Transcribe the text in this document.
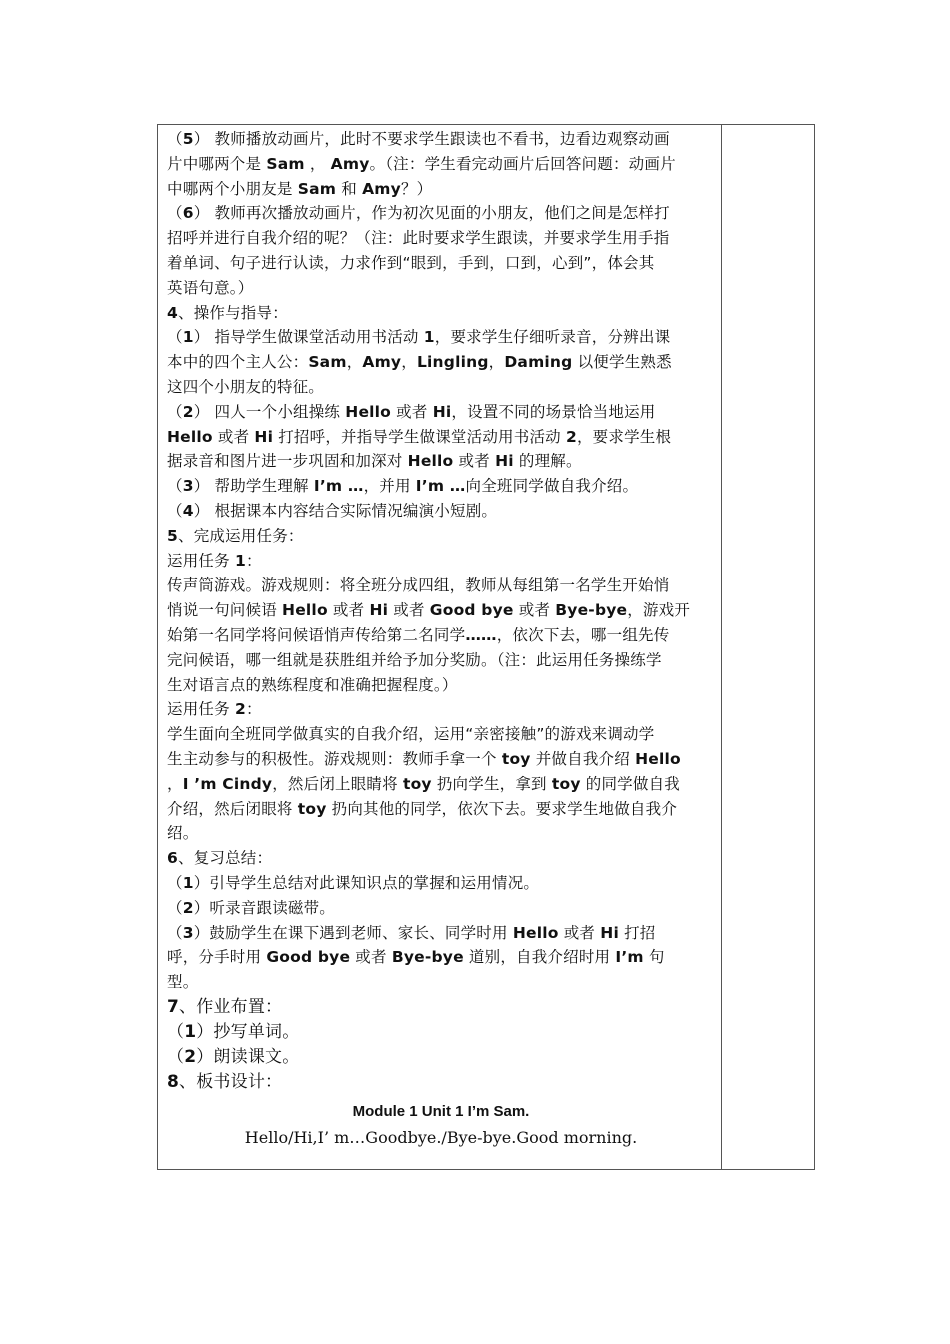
（5） 教师播放动画片，此时不要求学生跟读也不看书，边看边观察动画
片中哪两个是 Sam ， Amy。（注：学生看完动画片后回答问题：动画片
中哪两个小朋友是 Sam 和 Amy？）
（6） 教师再次播放动画片，作为初次见面的小朋友，他们之间是怎样打
招呼并进行自我介绍的呢？（注：此时要求学生跟读，并要求学生用手指
着单词、句子进行认读，力求作到“眼到，手到，口到，心到”，体会其
英语句意。）
4、操作与指导：
（1） 指导学生做课堂活动用书活动 1，要求学生仔细听录音，分辨出课
本中的四个主人公：Sam，Amy，Lingling，Daming 以便学生熟悉
这四个小朋友的特征。
（2） 四人一个小组操练 Hello 或者 Hi，设置不同的场景恰当地运用
Hello 或者 Hi 打招呼，并指导学生做课堂活动用书活动 2，要求学生根
据录音和图片进一步巩固和加深对 Hello 或者 Hi 的理解。
（3） 帮助学生理解 I’m …，并用 I’m …向全班同学做自我介绍。
（4） 根据课本内容结合实际情况编演小短剧。
5、完成运用任务：
运用任务 1：
传声筒游戏。游戏规则：将全班分成四组，教师从每组第一名学生开始悄
悄说一句问候语 Hello 或者 Hi 或者 Good bye 或者 Bye-bye，游戏开
始第一名同学将问候语悄声传给第二名同学……，依次下去，哪一组先传
完问候语，哪一组就是获胜组并给予加分奖励。（注：此运用任务操练学
生对语言点的熟练程度和准确把握程度。）
运用任务 2：
学生面向全班同学做真实的自我介绍，运用“亲密接触”的游戏来调动学
生主动参与的积极性。游戏规则：教师手拿一个 toy 并做自我介绍 Hello
，I ’m Cindy，然后闭上眼睛将 toy 扔向学生，拿到 toy 的同学做自我
介绍，然后闭眼将 toy 扔向其他的同学，依次下去。要求学生地做自我介
绍。
6、复习总结：
（1）引导学生总结对此课知识点的掌握和运用情况。
（2）听录音跟读磁带。
（3）鼓励学生在课下遇到老师、家长、同学时用 Hello 或者 Hi 打招
呼，分手时用 Good bye 或者 Bye-bye 道别，自我介绍时用 I’m 句
型。
7、作业布置：
（1）抄写单词。
（2）朗读课文。
8、板书设计：
Module 1 Unit 1 I’m Sam.
Hello/Hi,I’ m…Goodbye./Bye-bye.Good morning.
